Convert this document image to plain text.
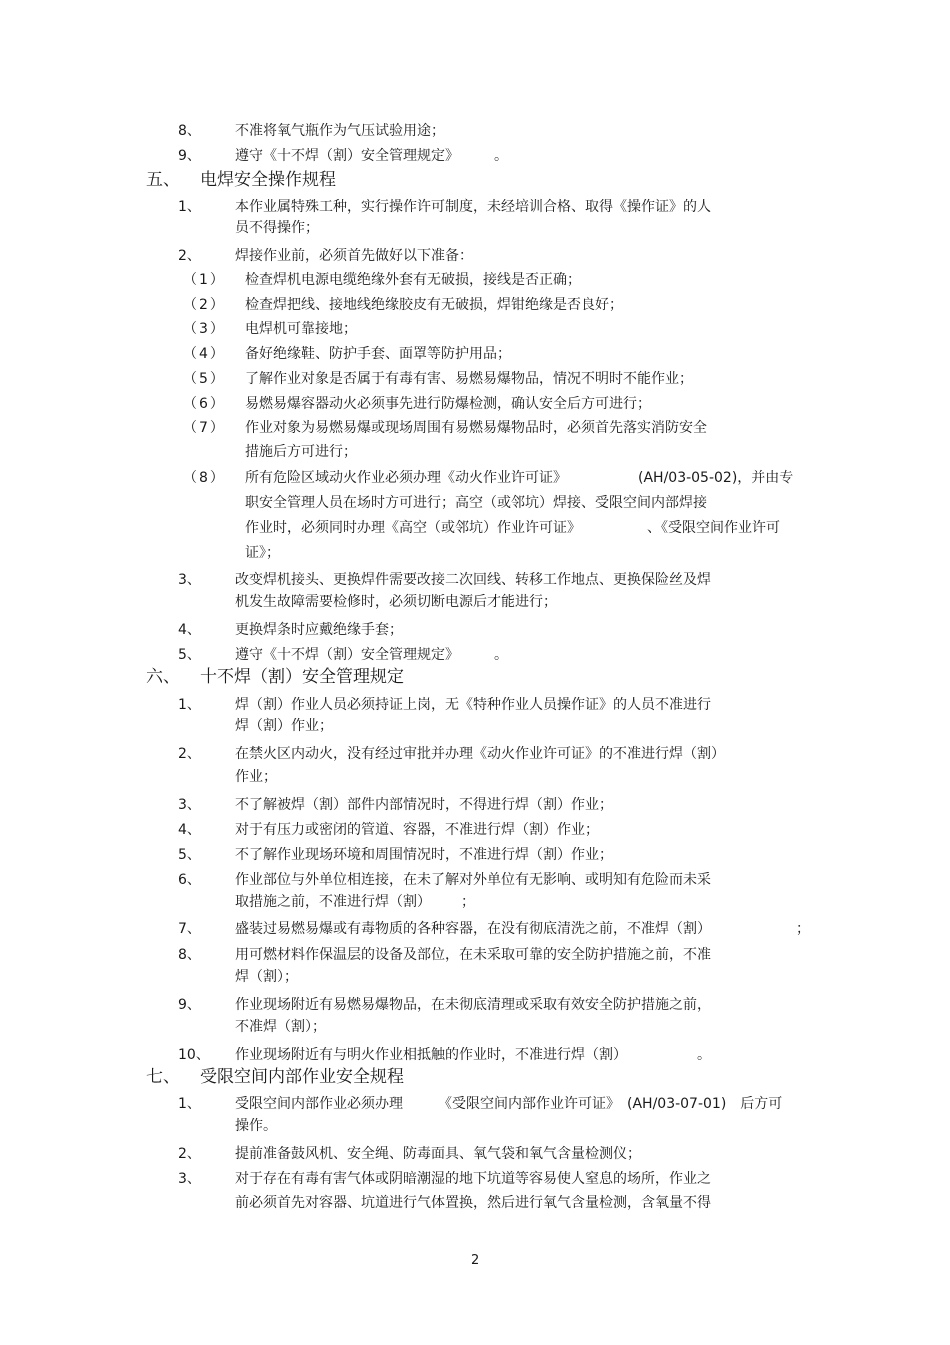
2
8、 不准将氧气瓶作为气压试验用途；
9、 遵守《十不焊（割）安全管理规定》	。
五、 电焊安全操作规程
1、 本作业属特殊工种，实行操作许可制度，未经培训合格、取得《操作证》的人
员不得操作；
2、 焊接作业前，必须首先做好以下准备：
（1） 检查焊机电源电缆绝缘外套有无破损，接线是否正确；
（2） 检查焊把线、接地线绝缘胶皮有无破损，焊钳绝缘是否良好；
（3） 电焊机可靠接地；
（4） 备好绝缘鞋、防护手套、面罩等防护用品；
（5） 了解作业对象是否属于有毒有害、易燃易爆物品，情况不明时不能作业；
（6） 易燃易爆容器动火必须事先进行防爆检测，确认安全后方可进行；
（7） 作业对象为易燃易爆或现场周围有易燃易爆物品时，必须首先落实消防安全
措施后方可进行；
（8） 所有危险区域动火作业必须办理《动火作业许可证》	(AH/03-05-02)，并由专
职安全管理人员在场时方可进行；高空（或邻坑）焊接、受限空间内部焊接
作业时，必须同时办理《高空（或邻坑）作业许可证》	、《受限空间作业许可
证》；
3、 改变焊机接头、更换焊件需要改接二次回线、转移工作地点、更换保险丝及焊
机发生故障需要检修时，必须切断电源后才能进行；
4、 更换焊条时应戴绝缘手套；
5、 遵守《十不焊（割）安全管理规定》	。
六、 十不焊（割）安全管理规定
1、 焊（割）作业人员必须持证上岗，无《特种作业人员操作证》的人员不准进行
焊（割）作业；
2、 在禁火区内动火，没有经过审批并办理《动火作业许可证》的不准进行焊（割）
作业；
3、 不了解被焊（割）部件内部情况时，不得进行焊（割）作业；
4、 对于有压力或密闭的管道、容器，不准进行焊（割）作业；
5、 不了解作业现场环境和周围情况时，不准进行焊（割）作业；
6、 作业部位与外单位相连接，在未了解对外单位有无影响、或明知有危险而未采
取措施之前，不准进行焊（割） ；
7、 盛装过易燃易爆或有毒物质的各种容器，在没有彻底清洗之前，不准焊（割）	；
8、 用可燃材料作保温层的设备及部位，在未采取可靠的安全防护措施之前，不准
焊（割）；
9、 作业现场附近有易燃易爆物品，在未彻底清理或采取有效安全防护措施之前，
不准焊（割）；
10、 作业现场附近有与明火作业相抵触的作业时，不准进行焊（割）	。
七、 受限空间内部作业安全规程
1、 受限空间内部作业必须办理	《受限空间内部作业许可证》　(AH/03-07-01)　后方可
操作。
2、 提前准备鼓风机、安全绳、防毒面具、氧气袋和氧气含量检测仪；
3、 对于存在有毒有害气体或阴暗潮湿的地下坑道等容易使人窒息的场所，作业之
前必须首先对容器、坑道进行气体置换，然后进行氧气含量检测，含氧量不得
